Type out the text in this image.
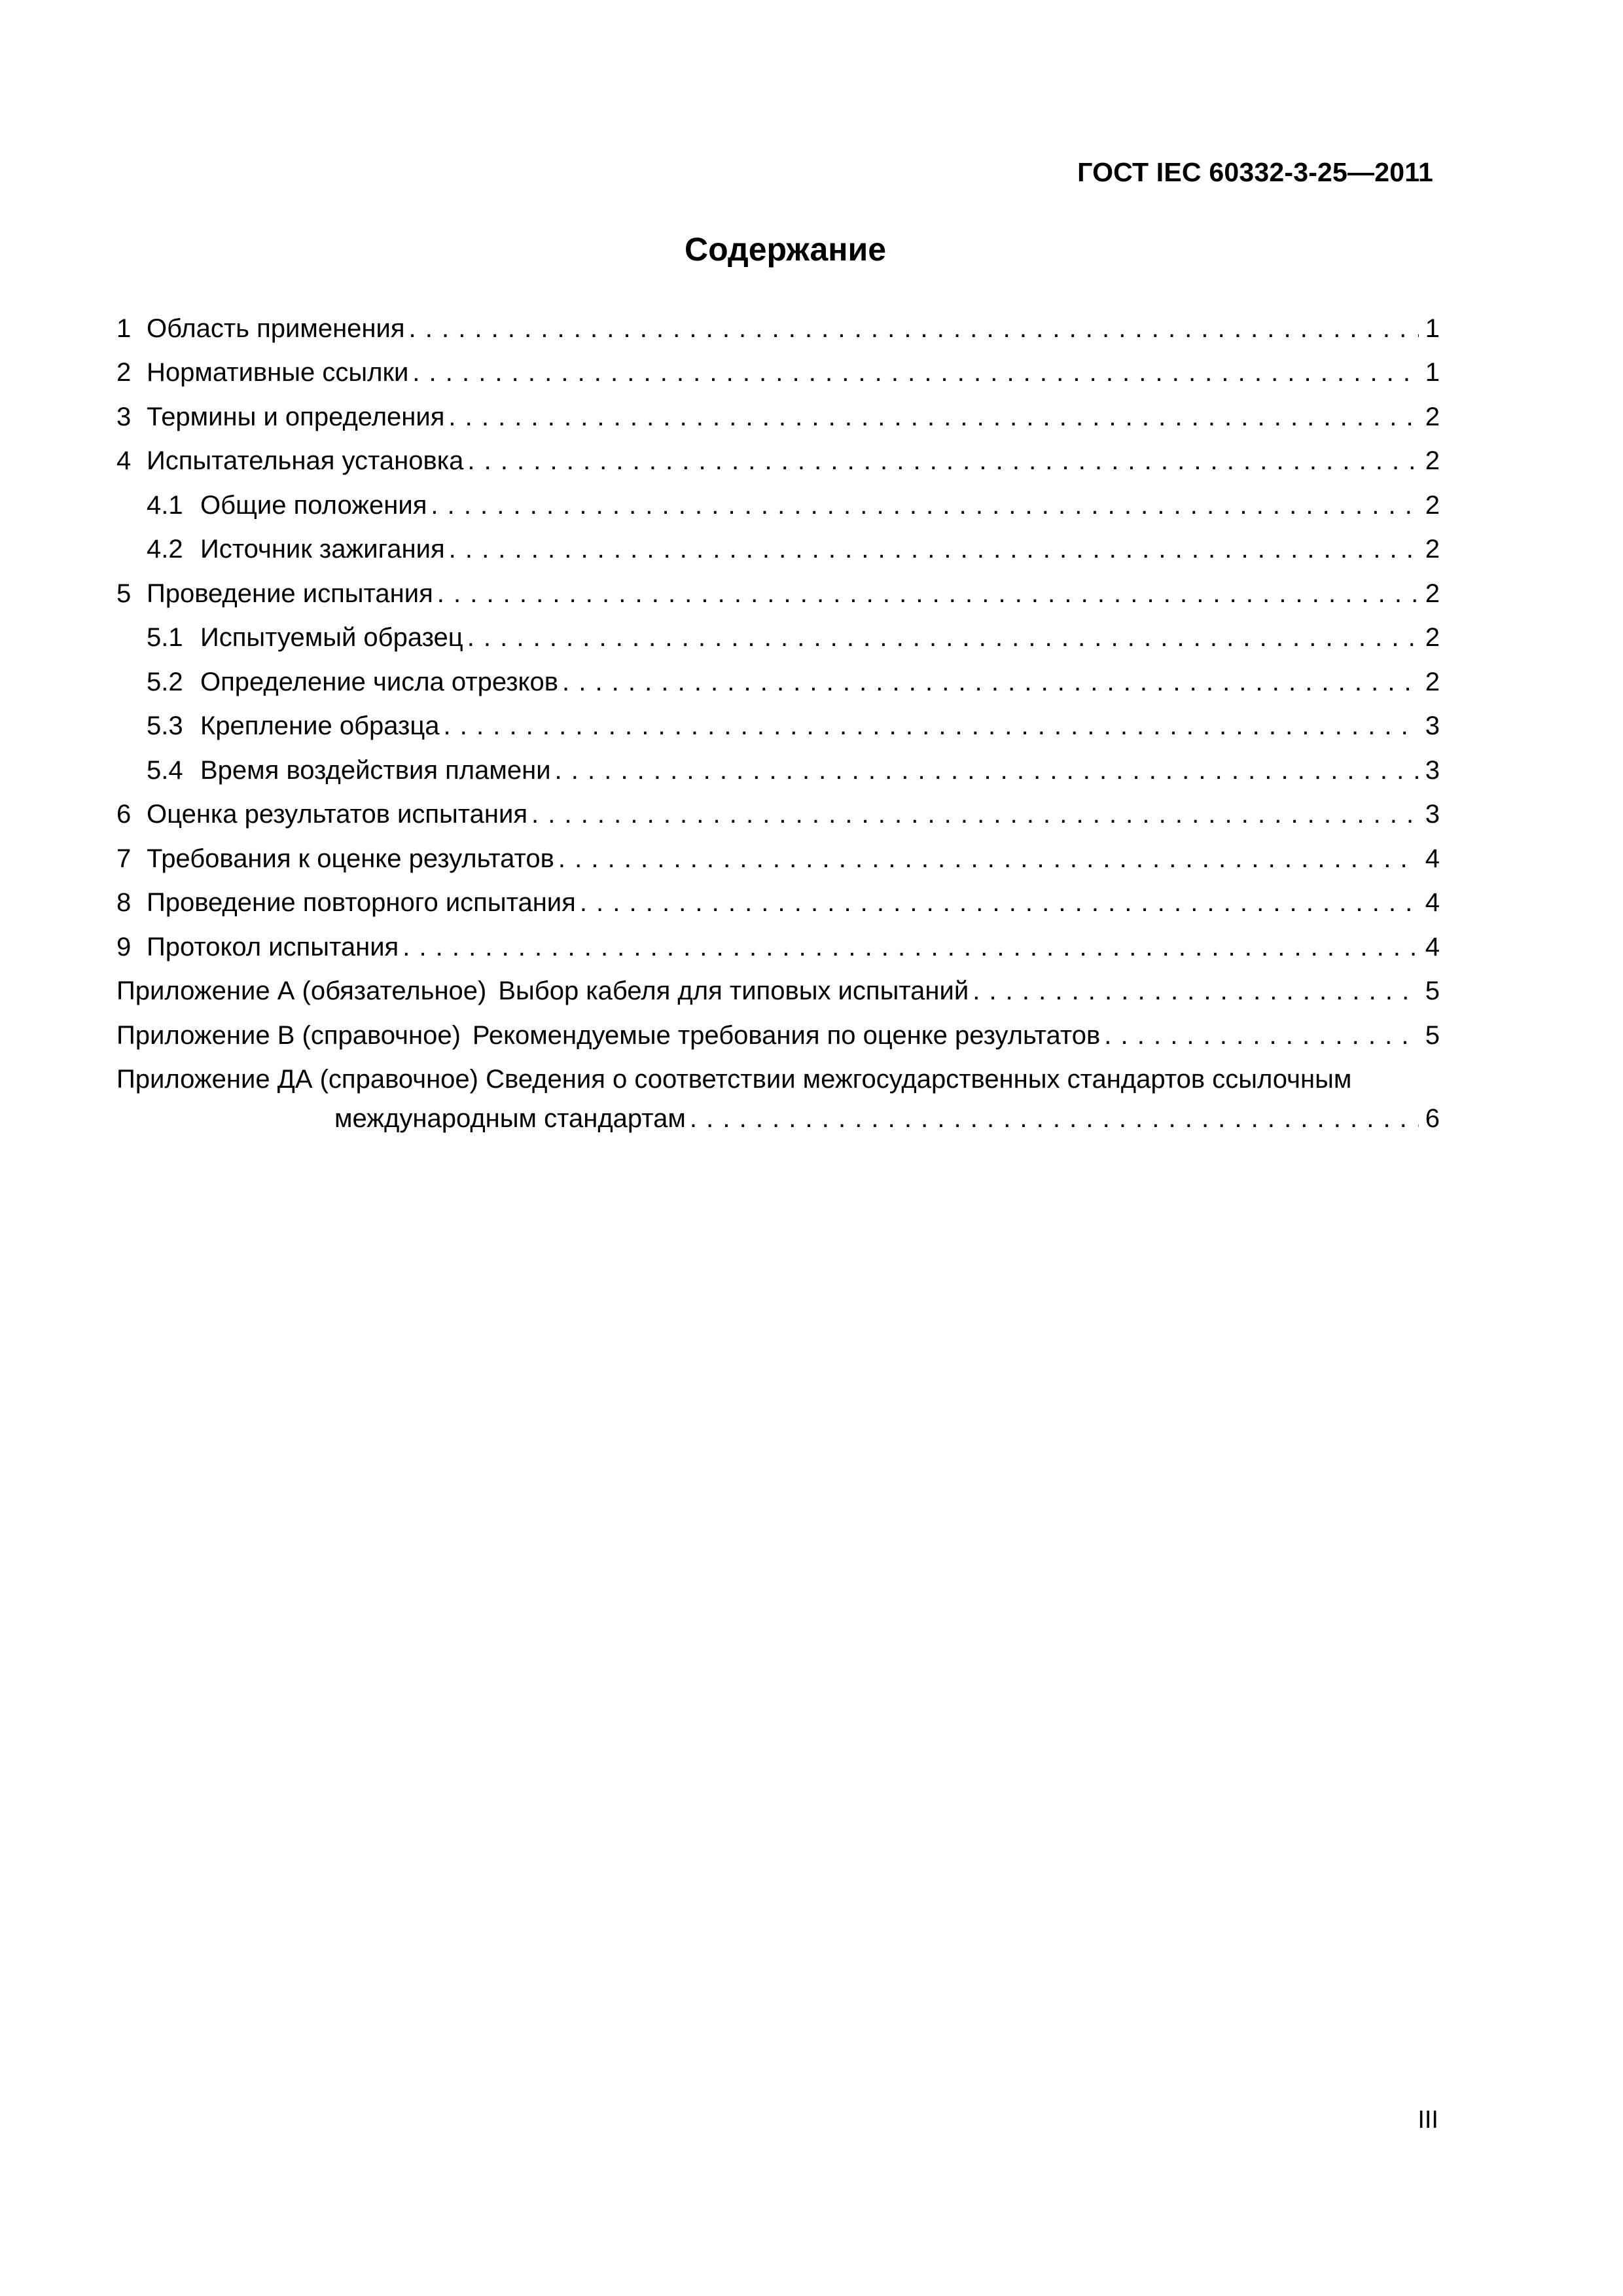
ГОСТ IEC 60332-3-25—2011
Содержание
1 Область применения . . .	1
2 Нормативные ссылки . . .	1
3 Термины и определения . . .	2
4 Испытательная установка . . .	2
4.1 Общие положения . . .	2
4.2 Источник зажигания . . .	2
5 Проведение испытания . . .	2
5.1 Испытуемый образец . . .	2
5.2 Определение числа отрезков . . .	2
5.3 Крепление образца . . .	3
5.4 Время воздействия пламени . . .	3
6 Оценка результатов испытания . . .	3
7 Требования к оценке результатов . . .	4
8 Проведение повторного испытания . . .	4
9 Протокол испытания . . .	4
Приложение А (обязательное) Выбор кабеля для типовых испытаний . . .	5
Приложение В (справочное) Рекомендуемые требования по оценке результатов . . .	5
Приложение ДА (справочное) Сведения о соответствии межгосударственных стандартов ссылочным
международным стандартам . . .	6
III
